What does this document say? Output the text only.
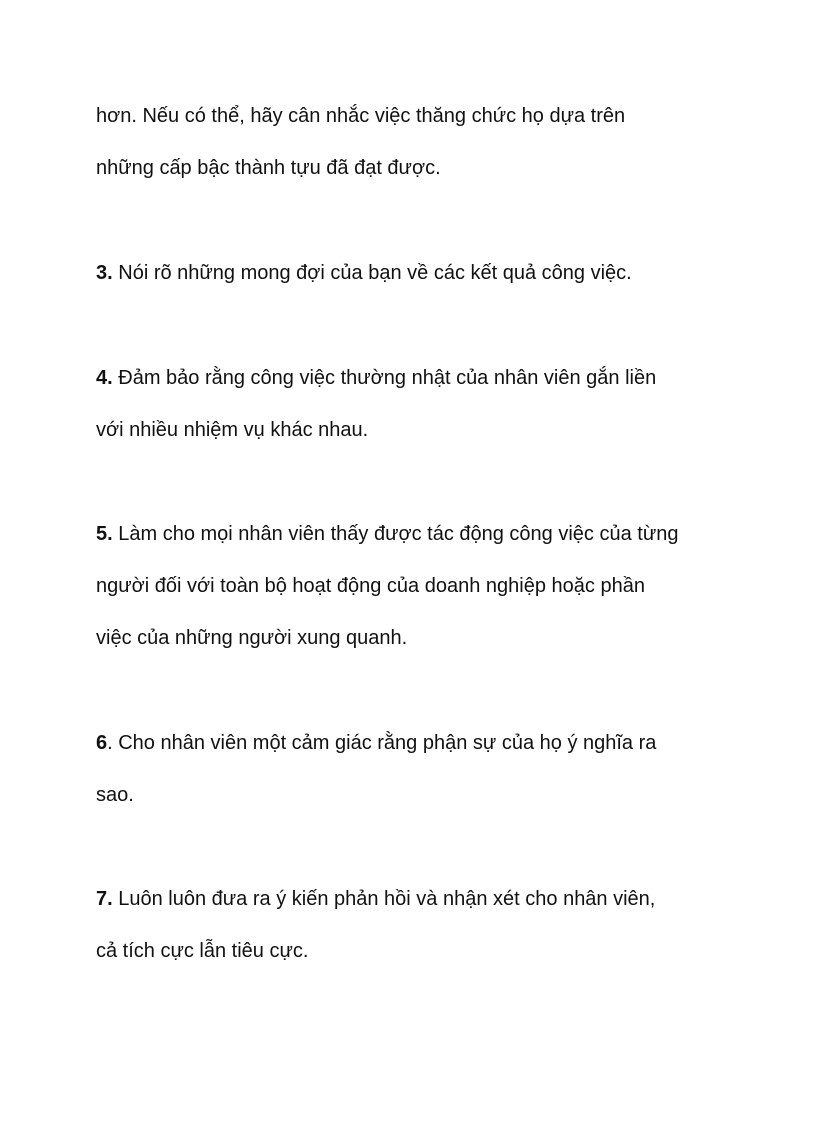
hơn. Nếu có thể, hãy cân nhắc việc thăng chức họ dựa trên
những cấp bậc thành tựu đã đạt được.
3. Nói rõ những mong đợi của bạn về các kết quả công việc.
4. Đảm bảo rằng công việc thường nhật của nhân viên gắn liền
với nhiều nhiệm vụ khác nhau.
5. Làm cho mọi nhân viên thấy được tác động công việc của từng
người đối với toàn bộ hoạt động của doanh nghiệp hoặc phần
việc của những người xung quanh.
6. Cho nhân viên một cảm giác rằng phận sự của họ ý nghĩa ra
sao.
7. Luôn luôn đưa ra ý kiến phản hồi và nhận xét cho nhân viên,
cả tích cực lẫn tiêu cực.
